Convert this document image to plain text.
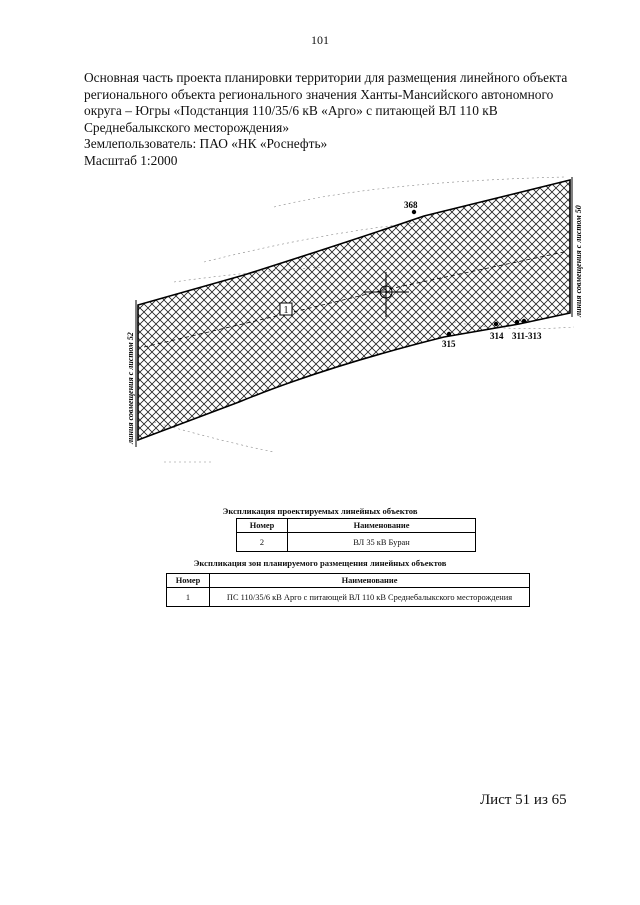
101
Основная часть проекта планировки территории для размещения линейного объекта
регионального объекта регионального значения Ханты-Мансийского автономного
округа – Югры «Подстанция 110/35/6 кВ «Арго» с питающей ВЛ 110 кВ
Среднебалыкского месторождения»
Землепользователь: ПАО «НК «Роснефть»
Масштаб 1:2000
1
368
315
314 311-313
линия совмещения с листом 52
линия совмещения с листом 50
Экспликация проектируемых линейных объектов
Номер	Наименование
2	ВЛ 35 кВ Буран
Экспликация зон планируемого размещения линейных объектов
Номер	Наименование
1	ПС 110/35/6 кВ Арго с питающей ВЛ 110 кВ Среднебалыкского месторождения
Лист 51 из 65
